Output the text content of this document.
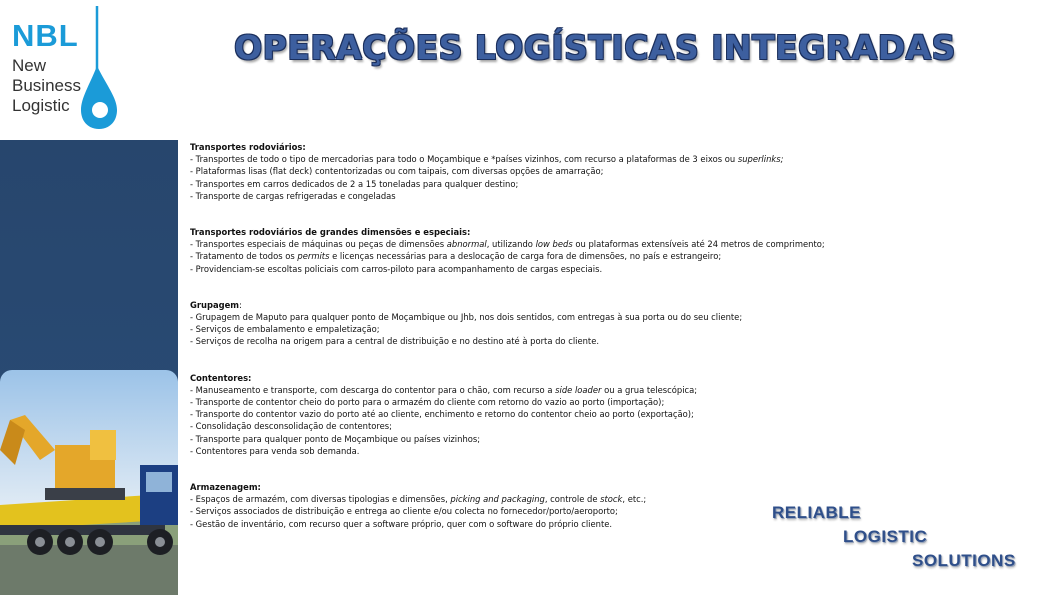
NBL
New
Business
Logistic
OPERAÇÕES LOGÍSTICAS INTEGRADAS
Transportes rodoviários:
- Transportes de todo o tipo de mercadorias para todo o Moçambique e *países vizinhos, com recurso a plataformas de 3 eixos ou superlinks;
- Plataformas lisas (flat deck) contentorizadas ou com taipais, com diversas opções de amarração;
- Transportes em carros dedicados de 2 a 15 toneladas para qualquer destino;
- Transporte de cargas refrigeradas e congeladas
Transportes rodoviários de grandes dimensões e especiais:
- Transportes especiais de máquinas ou peças de dimensões abnormal, utilizando low beds ou plataformas extensíveis até 24 metros de comprimento;
- Tratamento de todos os permits e licenças necessárias para a deslocação de carga fora de dimensões, no país e estrangeiro;
- Providenciam-se escoltas policiais com carros-piloto para acompanhamento de cargas especiais.
Grupagem:
- Grupagem de Maputo para qualquer ponto de Moçambique ou Jhb, nos dois sentidos, com entregas à sua porta ou do seu cliente;
- Serviços de embalamento e empaletização;
- Serviços de recolha na origem para a central de distribuição e no destino até à porta do cliente.
Contentores:
- Manuseamento e transporte, com descarga do contentor para o chão, com recurso a side loader ou a grua telescópica;
- Transporte de contentor cheio do porto para o armazém do cliente com retorno do vazio ao porto (importação);
- Transporte do contentor vazio do porto até ao cliente, enchimento e retorno do contentor cheio ao porto (exportação);
- Consolidação desconsolidação de contentores;
- Transporte para qualquer ponto de Moçambique ou países vizinhos;
- Contentores para venda sob demanda.
Armazenagem:
- Espaços de armazém, com diversas tipologias e dimensões, picking and packaging, controle de stock, etc.;
- Serviços associados de distribuição e entrega ao cliente e/ou colecta no fornecedor/porto/aeroporto;
- Gestão de inventário, com recurso quer a software próprio, quer com o software do próprio cliente.
RELIABLE
LOGISTIC
SOLUTIONS
